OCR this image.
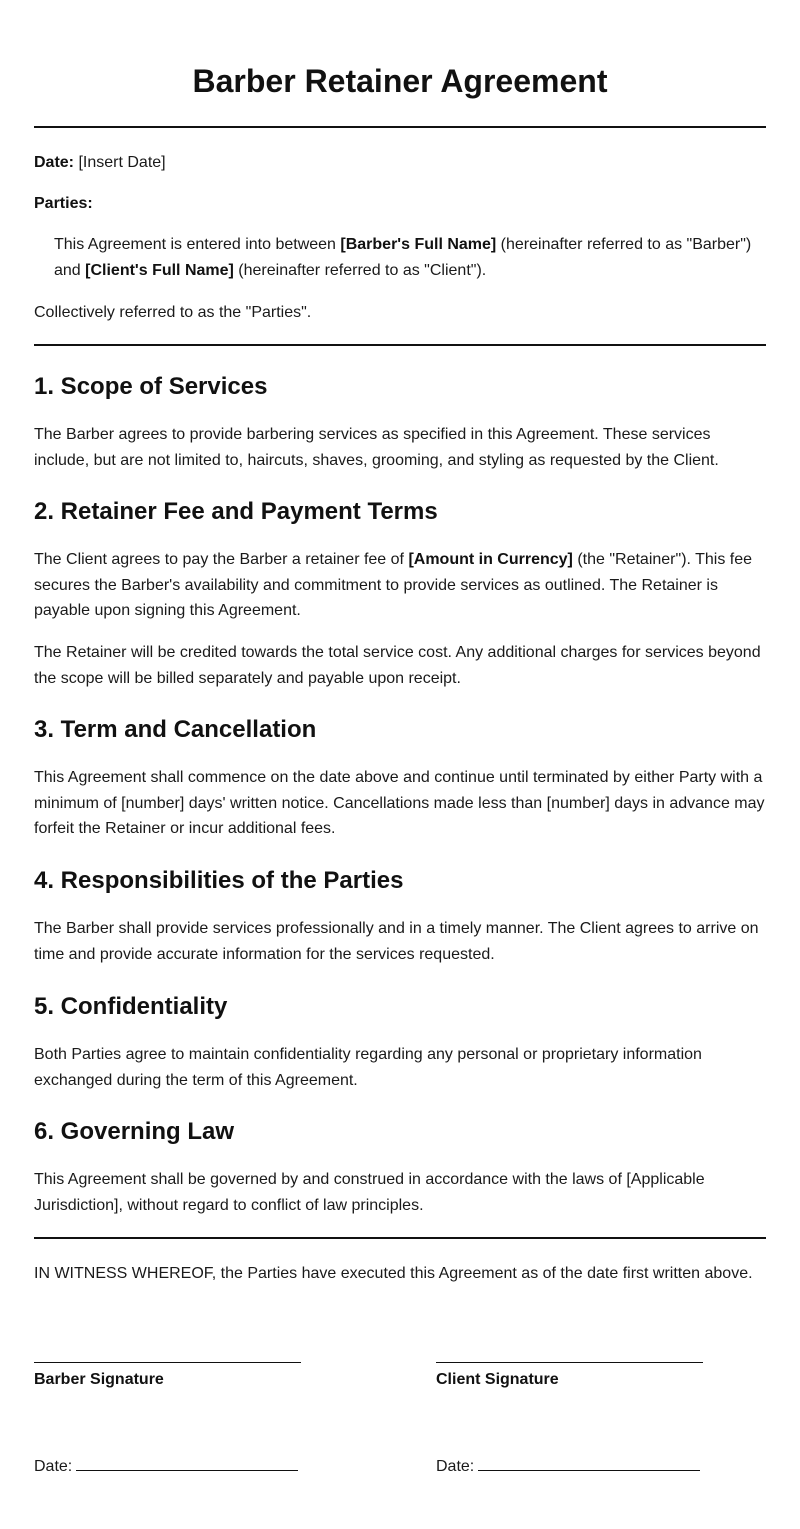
Barber Retainer Agreement

Date: [Insert Date]

Parties:

This Agreement is entered into between [Barber's Full Name] (hereinafter referred to as "Barber") and [Client's Full Name] (hereinafter referred to as "Client").

Collectively referred to as the "Parties".

1. Scope of Services

The Barber agrees to provide barbering services as specified in this Agreement. These services include, but are not limited to, haircuts, shaves, grooming, and styling as requested by the Client.

2. Retainer Fee and Payment Terms

The Client agrees to pay the Barber a retainer fee of [Amount in Currency] (the "Retainer"). This fee secures the Barber's availability and commitment to provide services as outlined. The Retainer is payable upon signing this Agreement.

The Retainer will be credited towards the total service cost. Any additional charges for services beyond the scope will be billed separately and payable upon receipt.

3. Term and Cancellation

This Agreement shall commence on the date above and continue until terminated by either Party with a minimum of [number] days' written notice. Cancellations made less than [number] days in advance may forfeit the Retainer or incur additional fees.

4. Responsibilities of the Parties

The Barber shall provide services professionally and in a timely manner. The Client agrees to arrive on time and provide accurate information for the services requested.

5. Confidentiality

Both Parties agree to maintain confidentiality regarding any personal or proprietary information exchanged during the term of this Agreement.

6. Governing Law

This Agreement shall be governed by and construed in accordance with the laws of [Applicable Jurisdiction], without regard to conflict of law principles.

IN WITNESS WHEREOF, the Parties have executed this Agreement as of the date first written above.

Barber Signature	Client Signature

Date:	Date:
